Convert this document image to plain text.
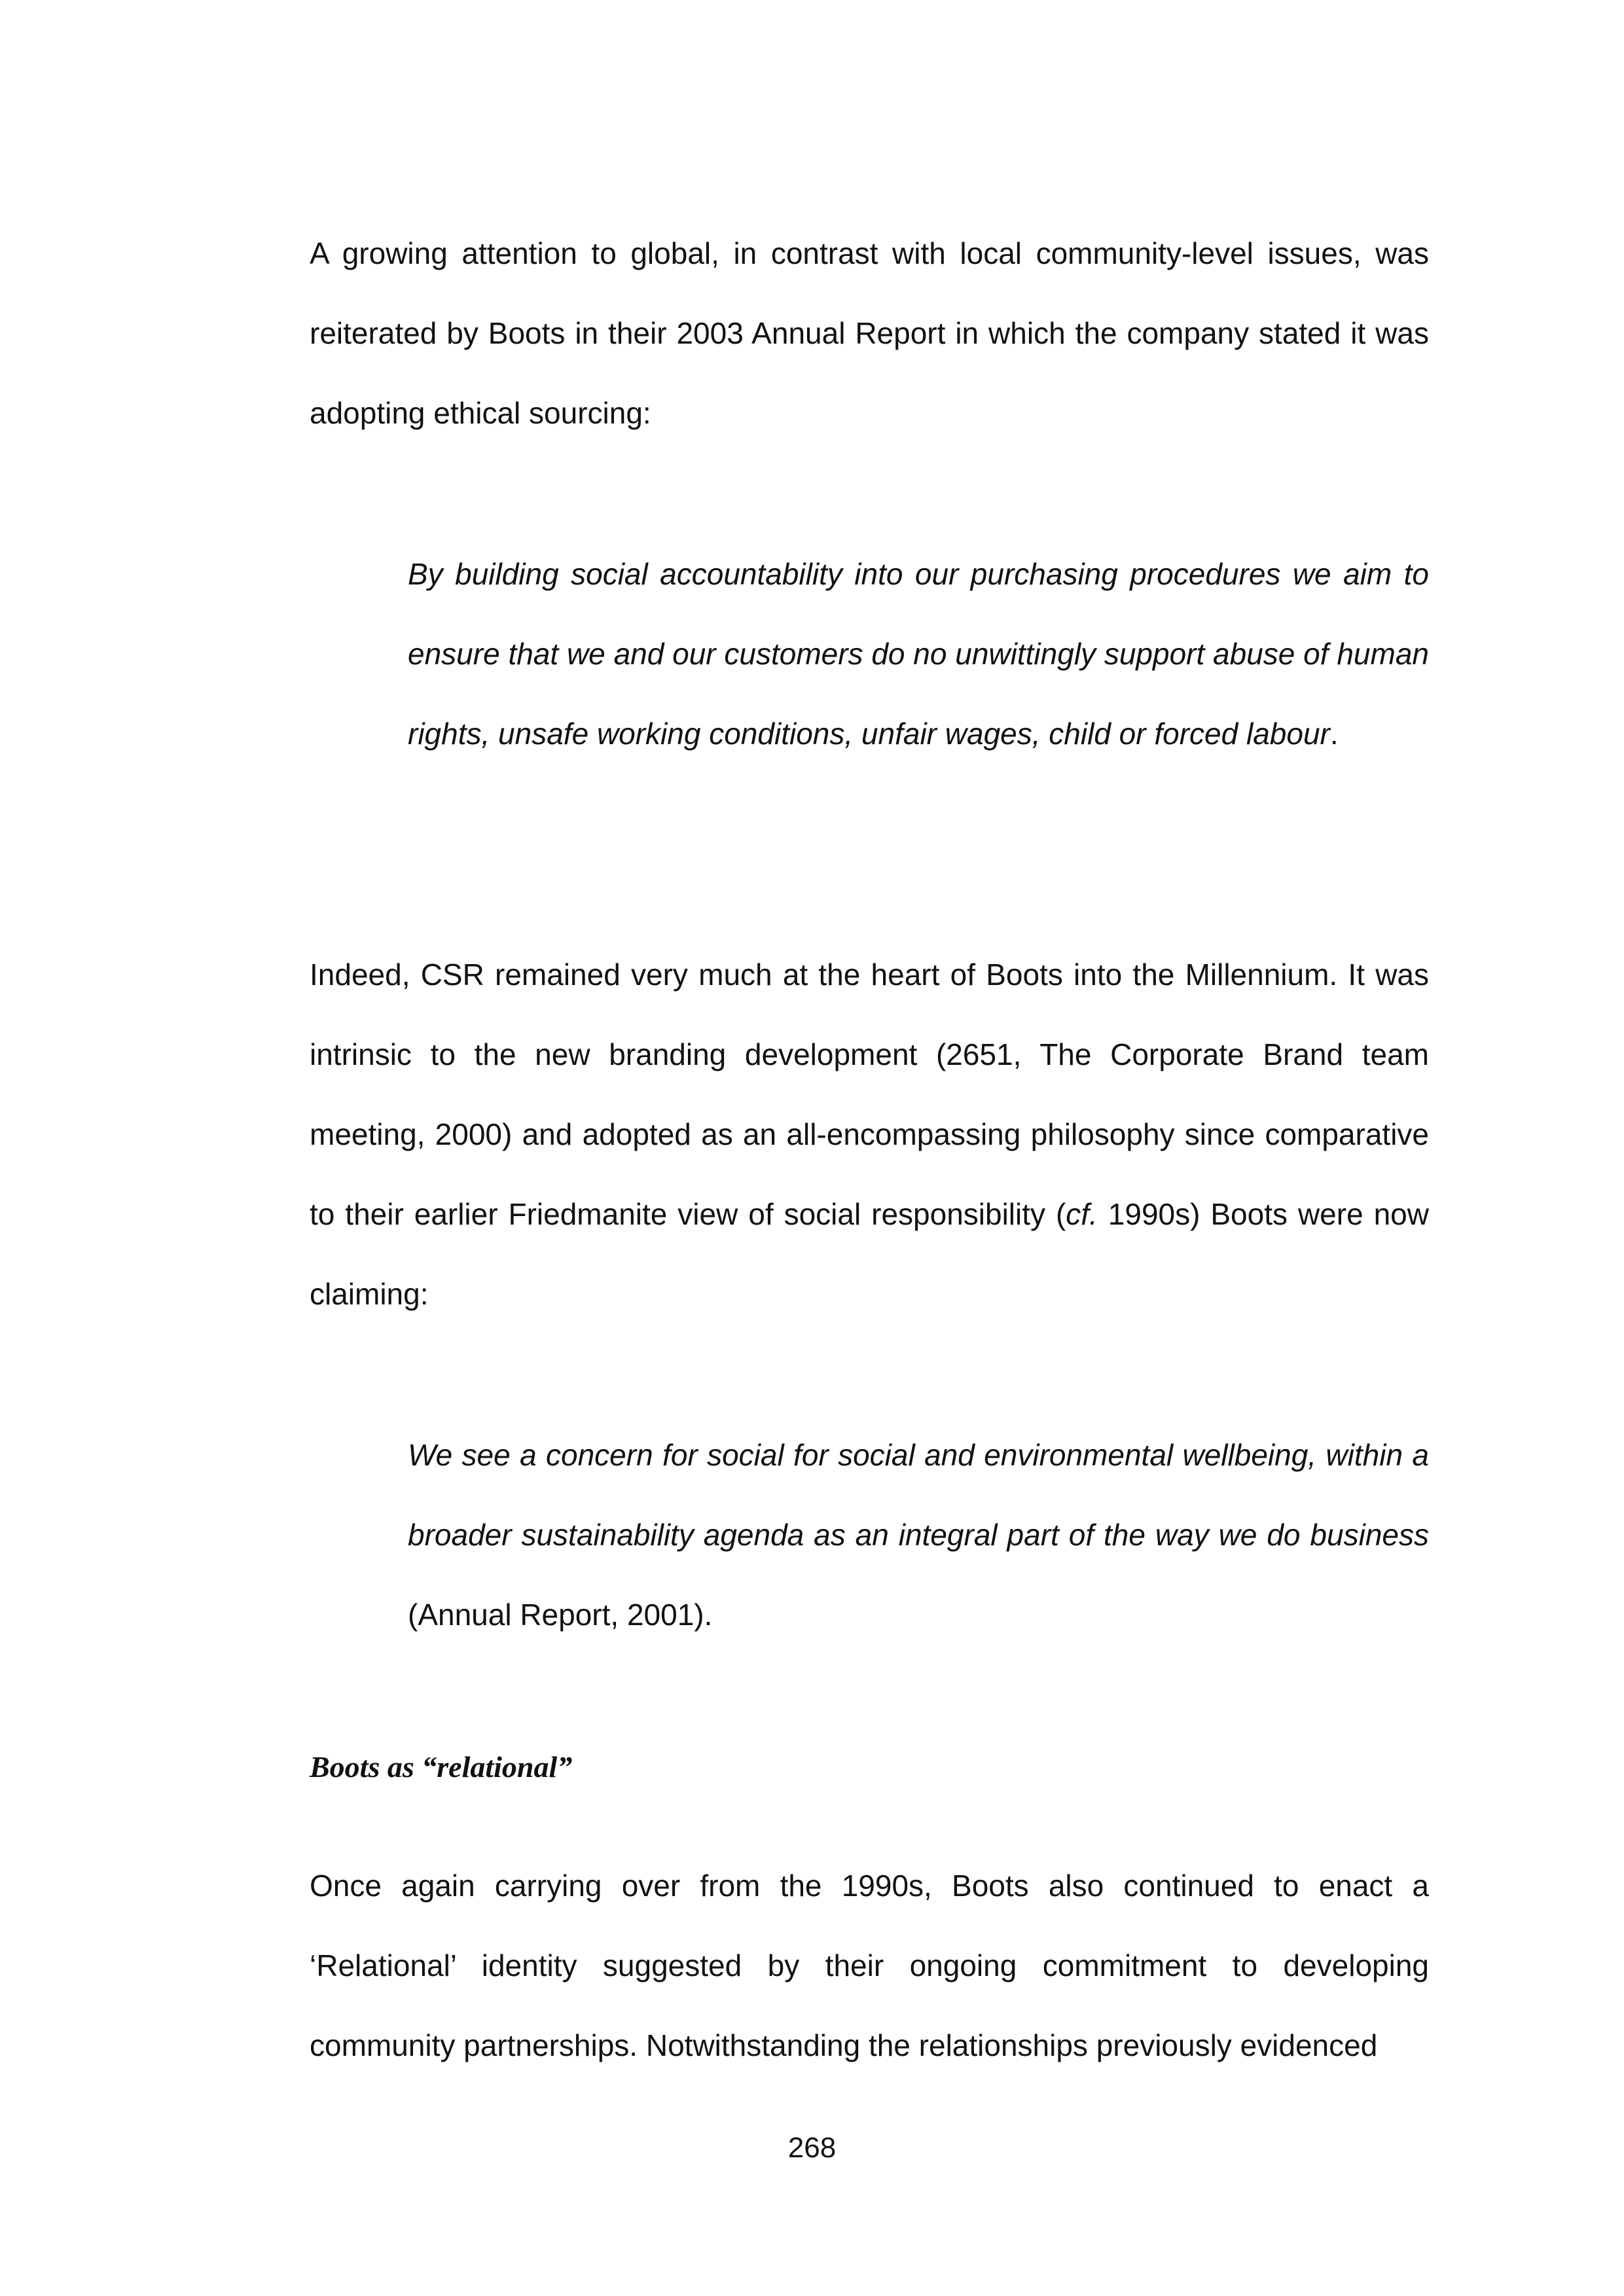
A growing attention to global, in contrast with local community-level issues, was reiterated by Boots in their 2003 Annual Report in which the company stated it was adopting ethical sourcing:

By building social accountability into our purchasing procedures we aim to ensure that we and our customers do no unwittingly support abuse of human rights, unsafe working conditions, unfair wages, child or forced labour.

Indeed, CSR remained very much at the heart of Boots into the Millennium. It was intrinsic to the new branding development (2651, The Corporate Brand team meeting, 2000) and adopted as an all-encompassing philosophy since comparative to their earlier Friedmanite view of social responsibility (cf. 1990s) Boots were now claiming:

We see a concern for social for social and environmental wellbeing, within a broader sustainability agenda as an integral part of the way we do business (Annual Report, 2001).

Boots as “relational”

Once again carrying over from the 1990s, Boots also continued to enact a ‘Relational’ identity suggested by their ongoing commitment to developing community partnerships. Notwithstanding the relationships previously evidenced

268
